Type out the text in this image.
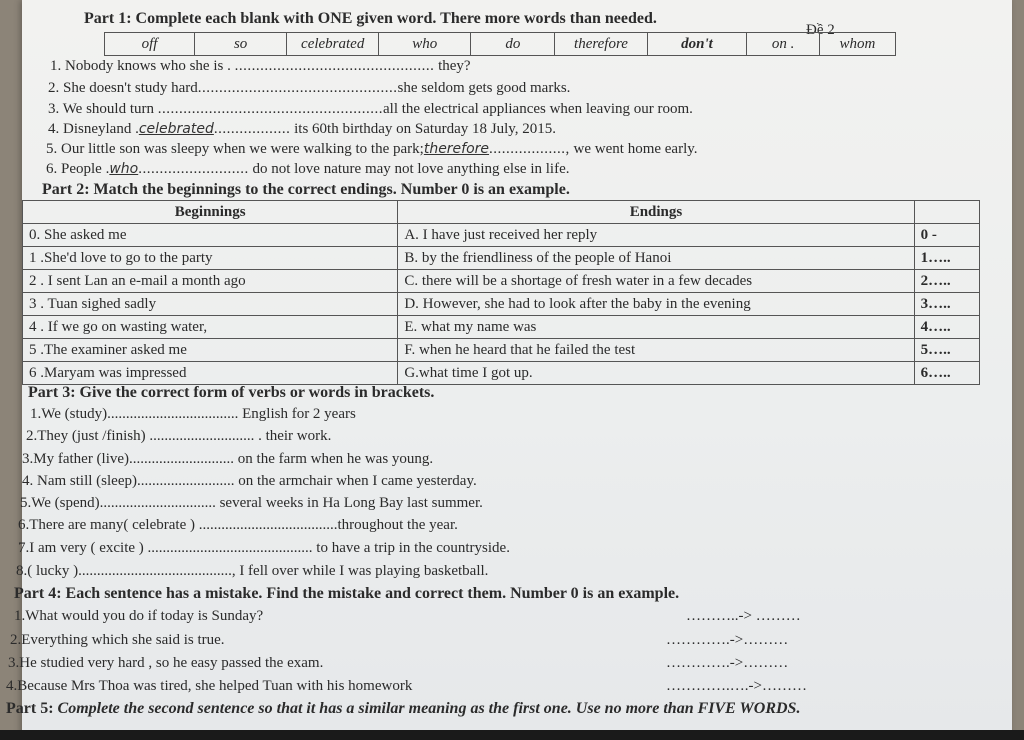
Part 1: Complete each blank with ONE given word. There more words than needed.
Đề 2
off	so	celebrated	who	do	therefore	don't	on .	whom
1. Nobody knows who she is . ............................................... they?
2. She doesn't study hard...............................................she seldom gets good marks.
3. We should turn .....................................................all the electrical appliances when leaving our room.
4. Disneyland .celebrated.................. its 60th birthday on Saturday 18 July, 2015.
5. Our little son was sleepy when we were walking to the park;therefore.................., we went home early.
6. People .who.......................... do not love nature may not love anything else in life.
Part 2: Match the beginnings to the correct endings. Number 0 is an example.
Beginnings	Endings	
0. She asked me	A. I have just received her reply	0 -
1 .She'd love to go to the party	B. by the friendliness of the people of Hanoi	1…..
2 . I sent Lan an e-mail a month ago	C. there will be a shortage of fresh water in a few decades	2…..
3 . Tuan sighed sadly	D. However, she had to look after the baby in the evening	3…..
4 . If we go on wasting water,	E. what my name was	4…..
5 .The examiner asked me	F. when he heard that he failed the test	5…..
6 .Maryam was impressed	G.what time I got up.	6…..
Part 3: Give the correct form of verbs or words in brackets.
1.We (study)................................... English for 2 years
2.They (just /finish) ............................ . their work.
3.My father (live)............................ on the farm when he was young.
4. Nam still (sleep).......................... on the armchair when I came yesterday.
5.We (spend)............................... several weeks in Ha Long Bay last summer.
6.There are many( celebrate ) .....................................throughout the year.
7.I am very ( excite ) ............................................ to have a trip in the countryside.
8.( lucky )........................................., I fell over while I was playing basketball.
Part 4: Each sentence has a mistake. Find the mistake and correct them. Number 0 is an example.
1.What would you do if today is Sunday?	………..-> ………
2.Everything which she said is true.	………….->………
3.He studied very hard , so he easy passed the exam.	………….->………
4.Because Mrs Thoa was tired, she helped Tuan with his homework	………….….->………
Part 5: Complete the second sentence so that it has a similar meaning as the first one. Use no more than FIVE WORDS.
